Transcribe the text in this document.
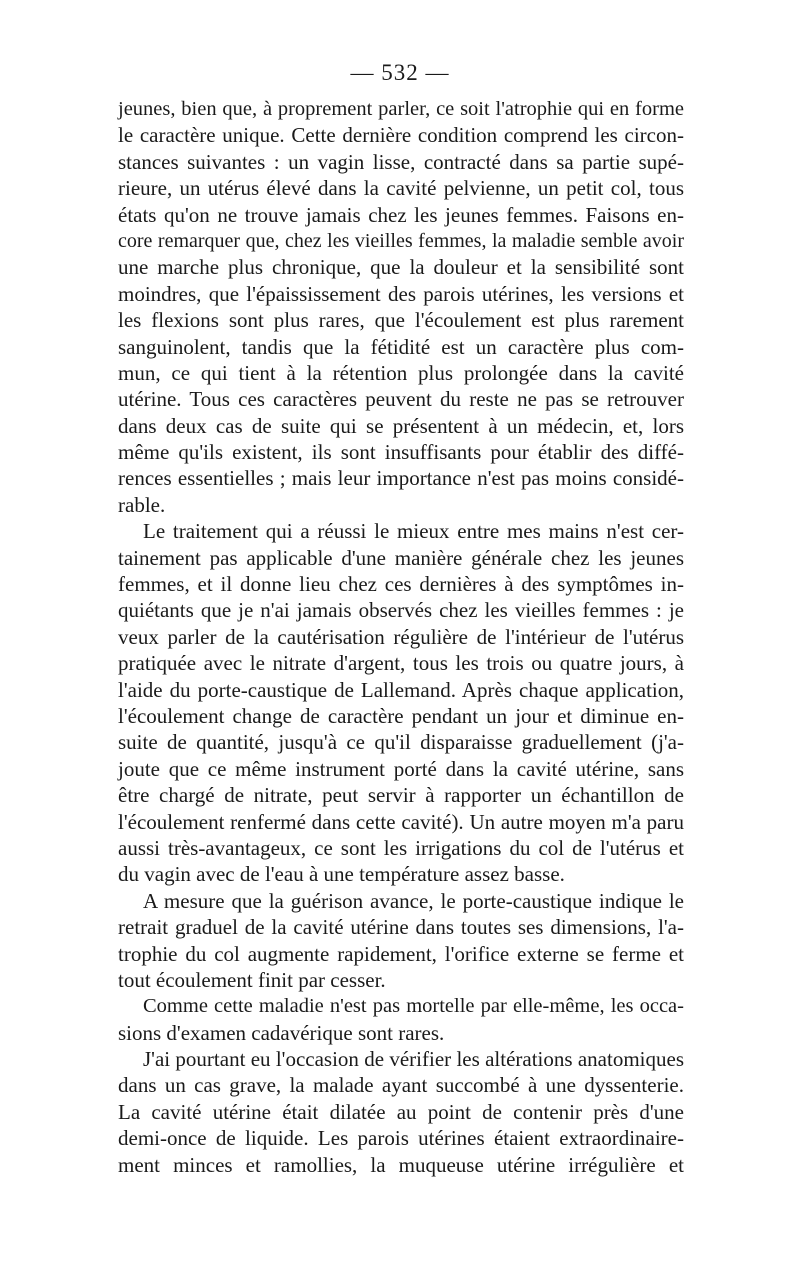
— 532 —
jeunes, bien que, à proprement parler, ce soit l'atrophie qui en forme
le caractère unique. Cette dernière condition comprend les circon-
stances suivantes : un vagin lisse, contracté dans sa partie supé-
rieure, un utérus élevé dans la cavité pelvienne, un petit col, tous
états qu'on ne trouve jamais chez les jeunes femmes. Faisons en-
core remarquer que, chez les vieilles femmes, la maladie semble avoir
une marche plus chronique, que la douleur et la sensibilité sont
moindres, que l'épaississement des parois utérines, les versions et
les flexions sont plus rares, que l'écoulement est plus rarement
sanguinolent, tandis que la fétidité est un caractère plus com-
mun, ce qui tient à la rétention plus prolongée dans la cavité
utérine. Tous ces caractères peuvent du reste ne pas se retrouver
dans deux cas de suite qui se présentent à un médecin, et, lors
même qu'ils existent, ils sont insuffisants pour établir des diffé-
rences essentielles ; mais leur importance n'est pas moins considé-
rable.
Le traitement qui a réussi le mieux entre mes mains n'est cer-
tainement pas applicable d'une manière générale chez les jeunes
femmes, et il donne lieu chez ces dernières à des symptômes in-
quiétants que je n'ai jamais observés chez les vieilles femmes : je
veux parler de la cautérisation régulière de l'intérieur de l'utérus
pratiquée avec le nitrate d'argent, tous les trois ou quatre jours, à
l'aide du porte-caustique de Lallemand. Après chaque application,
l'écoulement change de caractère pendant un jour et diminue en-
suite de quantité, jusqu'à ce qu'il disparaisse graduellement (j'a-
joute que ce même instrument porté dans la cavité utérine, sans
être chargé de nitrate, peut servir à rapporter un échantillon de
l'écoulement renfermé dans cette cavité). Un autre moyen m'a paru
aussi très-avantageux, ce sont les irrigations du col de l'utérus et
du vagin avec de l'eau à une température assez basse.
A mesure que la guérison avance, le porte-caustique indique le
retrait graduel de la cavité utérine dans toutes ses dimensions, l'a-
trophie du col augmente rapidement, l'orifice externe se ferme et
tout écoulement finit par cesser.
Comme cette maladie n'est pas mortelle par elle-même, les occa-
sions d'examen cadavérique sont rares.
J'ai pourtant eu l'occasion de vérifier les altérations anatomiques
dans un cas grave, la malade ayant succombé à une dyssenterie.
La cavité utérine était dilatée au point de contenir près d'une
demi-once de liquide. Les parois utérines étaient extraordinaire-
ment minces et ramollies, la muqueuse utérine irrégulière et
